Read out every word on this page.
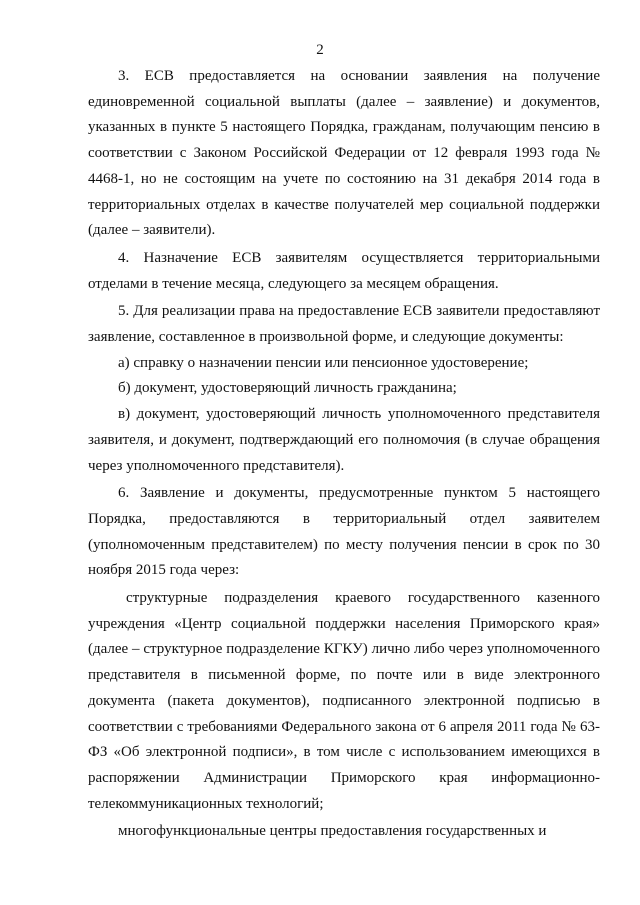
2

3. ЕСВ предоставляется на основании заявления на получение единовременной социальной выплаты (далее – заявление) и документов, указанных в пункте 5 настоящего Порядка, гражданам, получающим пенсию в соответствии с Законом Российской Федерации от 12 февраля 1993 года № 4468-1, но не состоящим на учете по состоянию на 31 декабря 2014 года в территориальных отделах в качестве получателей мер социальной поддержки (далее – заявители).

4. Назначение ЕСВ заявителям осуществляется территориальными отделами в течение месяца, следующего за месяцем обращения.

5. Для реализации права на предоставление ЕСВ заявители предоставляют заявление, составленное в произвольной форме, и следующие документы:

а) справку о назначении пенсии или пенсионное удостоверение;

б) документ, удостоверяющий личность гражданина;

в) документ, удостоверяющий личность уполномоченного представителя заявителя, и документ, подтверждающий его полномочия (в случае обращения через уполномоченного представителя).

6. Заявление и документы, предусмотренные пунктом 5 настоящего Порядка, предоставляются в территориальный отдел заявителем (уполномоченным представителем) по месту получения пенсии в срок по 30 ноября 2015 года через:

структурные подразделения краевого государственного казенного учреждения «Центр социальной поддержки населения Приморского края» (далее – структурное подразделение КГКУ) лично либо через уполномоченного представителя в письменной форме, по почте или в виде электронного документа (пакета документов), подписанного электронной подписью в соответствии с требованиями Федерального закона от 6 апреля 2011 года № 63-ФЗ «Об электронной подписи», в том числе с использованием имеющихся в распоряжении Администрации Приморского края информационно-телекоммуникационных технологий;

многофункциональные центры предоставления государственных и
